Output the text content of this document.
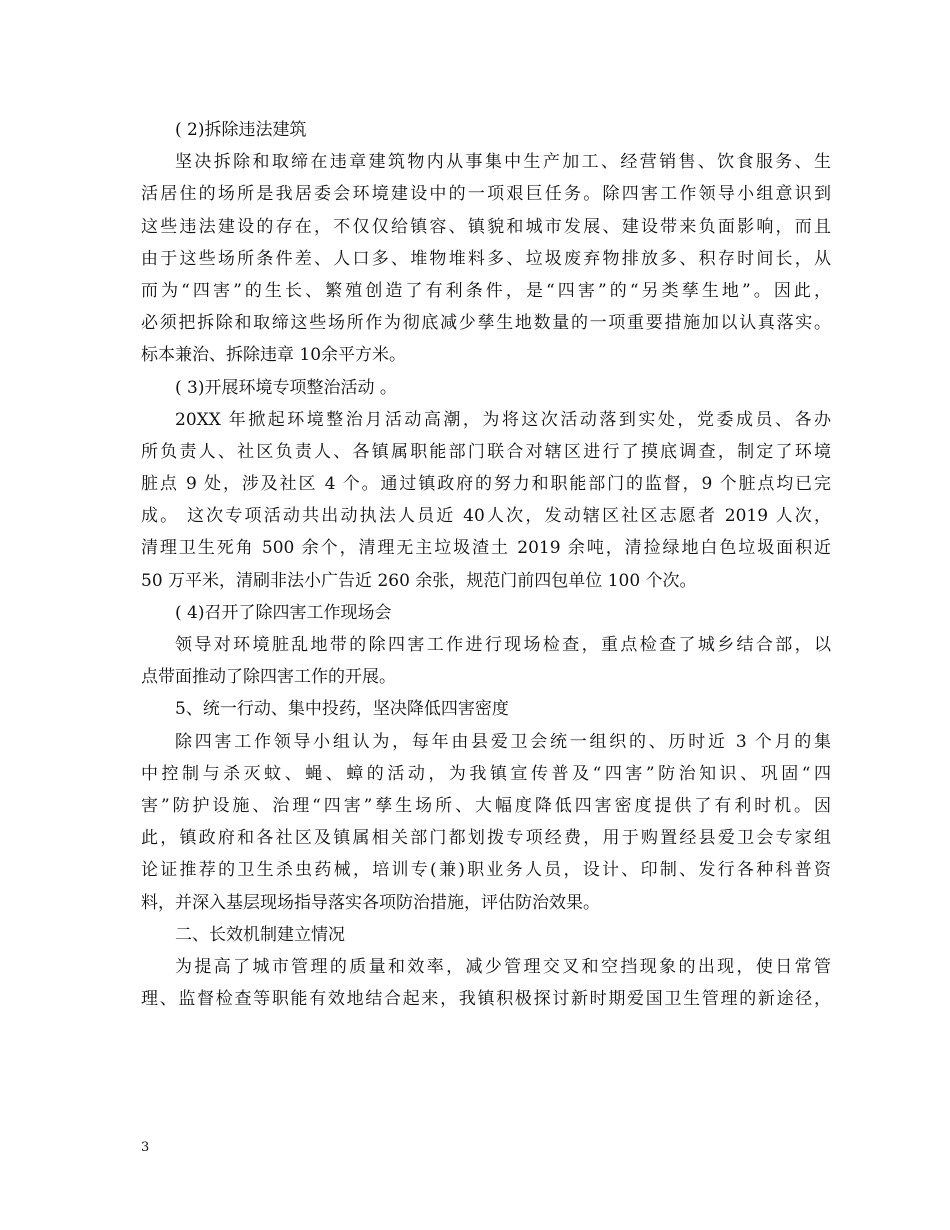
( 2)拆除违法建筑
坚决拆除和取缔在违章建筑物内从事集中生产加工、经营销售、饮食服务、生
活居住的场所是我居委会环境建设中的一项艰巨任务。除四害工作领导小组意识到
这些违法建设的存在，不仅仅给镇容、镇貌和城市发展、建设带来负面影响，而且
由于这些场所条件差、人口多、堆物堆料多、垃圾废弃物排放多、积存时间长，从
而为“四害”的生长、繁殖创造了有利条件，是“四害”的“另类孳生地”。因此，
必须把拆除和取缔这些场所作为彻底减少孳生地数量的一项重要措施加以认真落实。
标本兼治、拆除违章 10余平方米。
( 3)开展环境专项整治活动 。
20XX 年掀起环境整治月活动高潮，为将这次活动落到实处，党委成员、各办
所负责人、社区负责人、各镇属职能部门联合对辖区进行了摸底调查，制定了环境
脏点 9 处，涉及社区 4 个。通过镇政府的努力和职能部门的监督，9 个脏点均已完
成。 这次专项活动共出动执法人员近 40人次，发动辖区社区志愿者 2019 人次，
清理卫生死角 500 余个，清理无主垃圾渣土 2019 余吨，清捡绿地白色垃圾面积近
50 万平米，清刷非法小广告近 260 余张，规范门前四包单位 100 个次。
( 4)召开了除四害工作现场会
领导对环境脏乱地带的除四害工作进行现场检查，重点检查了城乡结合部，以
点带面推动了除四害工作的开展。
5、统一行动、集中投药，坚决降低四害密度
除四害工作领导小组认为，每年由县爱卫会统一组织的、历时近 3 个月的集
中控制与杀灭蚊、蝇、蟑的活动，为我镇宣传普及“四害”防治知识、巩固“四
害”防护设施、治理“四害”孳生场所、大幅度降低四害密度提供了有利时机。因
此，镇政府和各社区及镇属相关部门都划拨专项经费，用于购置经县爱卫会专家组
论证推荐的卫生杀虫药械，培训专(兼)职业务人员，设计、印制、发行各种科普资
料，并深入基层现场指导落实各项防治措施，评估防治效果。
二、长效机制建立情况
为提高了城市管理的质量和效率，减少管理交叉和空挡现象的出现，使日常管
理、监督检查等职能有效地结合起来，我镇积极探讨新时期爱国卫生管理的新途径，
3
